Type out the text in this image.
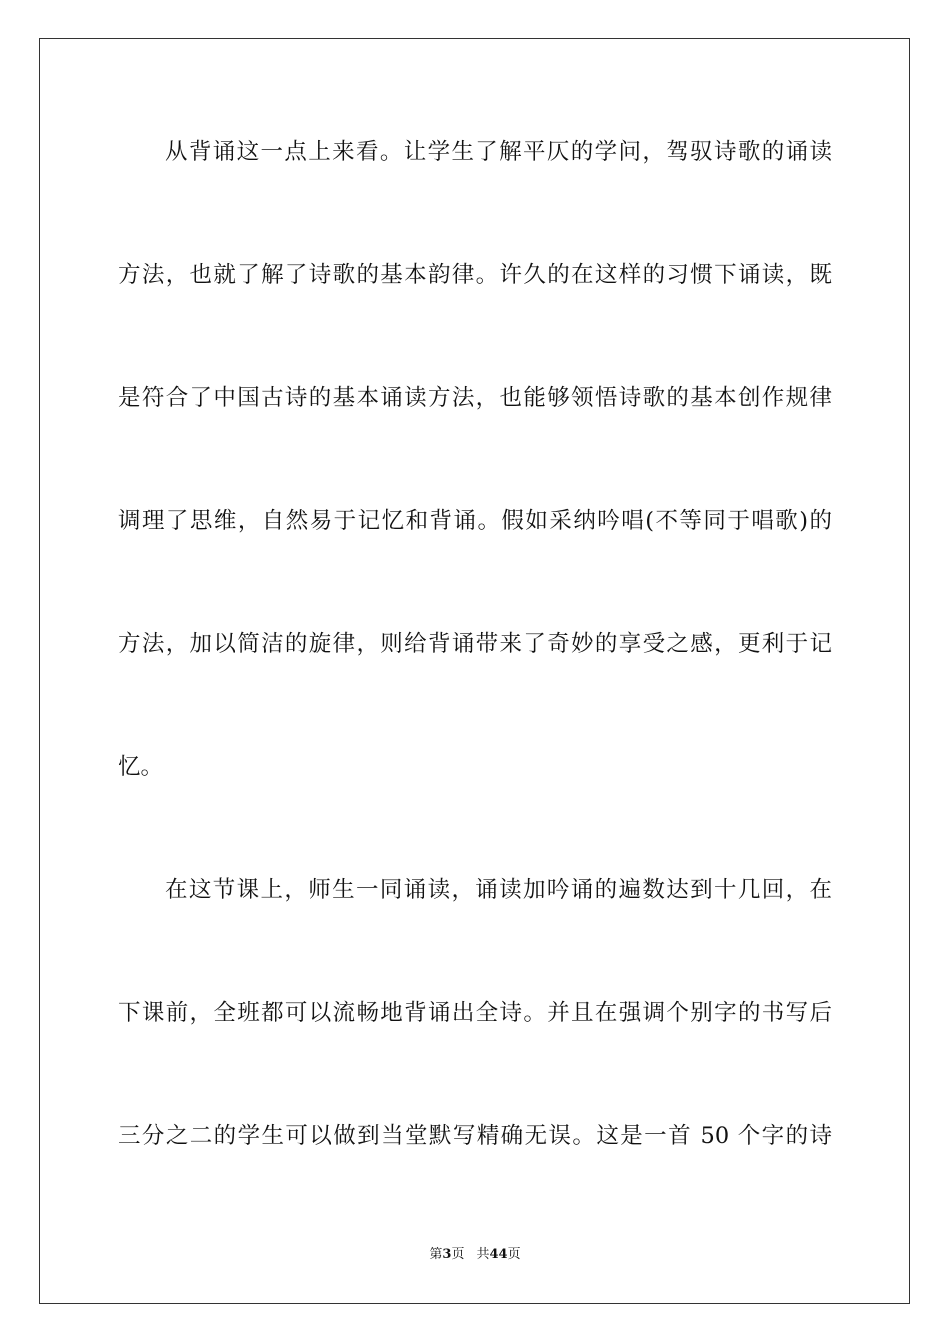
从背诵这一点上来看。让学生了解平仄的学问，驾驭诗歌的诵读
方法，也就了解了诗歌的基本韵律。许久的在这样的习惯下诵读，既
是符合了中国古诗的基本诵读方法，也能够领悟诗歌的基本创作规律
调理了思维，自然易于记忆和背诵。假如采纳吟唱(不等同于唱歌)的
方法，加以简洁的旋律，则给背诵带来了奇妙的享受之感，更利于记
忆。
在这节课上，师生一同诵读，诵读加吟诵的遍数达到十几回，在
下课前，全班都可以流畅地背诵出全诗。并且在强调个别字的书写后
三分之二的学生可以做到当堂默写精确无误。这是一首 50 个字的诗
第3页 共44页
